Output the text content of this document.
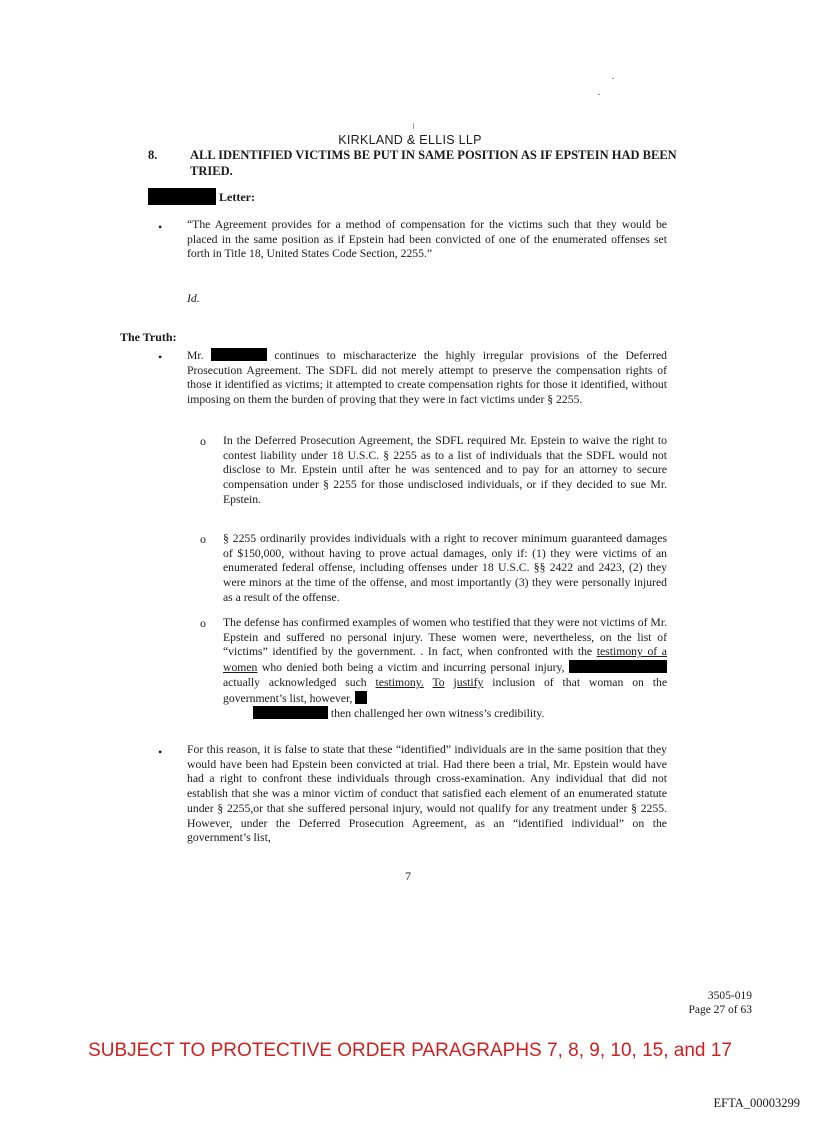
KIRKLAND & ELLIS LLP
8.	ALL IDENTIFIED VICTIMS BE PUT IN SAME POSITION AS IF EPSTEIN HAD BEEN TRIED.
Letter:
• “The Agreement provides for a method of compensation for the victims such that they would be placed in the same position as if Epstein had been convicted of one of the enumerated offenses set forth in Title 18, United States Code Section, 2255.”
Id.
The Truth:
• Mr.	continues to mischaracterize the highly irregular provisions of the Deferred Prosecution Agreement. The SDFL did not merely attempt to preserve the compensation rights of those it identified as victims; it attempted to create compensation rights for those it identified, without imposing on them the burden of proving that they were in fact victims under § 2255.
o In the Deferred Prosecution Agreement, the SDFL required Mr. Epstein to waive the right to contest liability under 18 U.S.C. § 2255 as to a list of individuals that the SDFL would not disclose to Mr. Epstein until after he was sentenced and to pay for an attorney to secure compensation under § 2255 for those undisclosed individuals, or if they decided to sue Mr. Epstein.
o § 2255 ordinarily provides individuals with a right to recover minimum guaranteed damages of $150,000, without having to prove actual damages, only if: (1) they were victims of an enumerated federal offense, including offenses under 18 U.S.C. §§ 2422 and 2423, (2) they were minors at the time of the offense, and most importantly (3) they were personally injured as a result of the offense.
o The defense has confirmed examples of women who testified that they were not victims of Mr. Epstein and suffered no personal injury. These women were, nevertheless, on the list of “victims” identified by the government. . In fact, when confronted with the testimony of a women who denied both being a victim and incurring personal injury,  actually acknowledged such testimony. To justify inclusion of that woman on the government’s list, however,
then challenged her own witness’s credibility.
• For this reason, it is false to state that these “identified” individuals are in the same position that they would have been had Epstein been convicted at trial. Had there been a trial, Mr. Epstein would have had a right to confront these individuals through cross-examination. Any individual that did not establish that she was a minor victim of conduct that satisfied each element of an enumerated statute under § 2255,or that she suffered personal injury, would not qualify for any treatment under § 2255. However, under the Deferred Prosecution Agreement, as an “identified individual” on the government’s list,
7
3505-019
Page 27 of 63
SUBJECT TO PROTECTIVE ORDER PARAGRAPHS 7, 8, 9, 10, 15, and 17
EFTA_00003299
